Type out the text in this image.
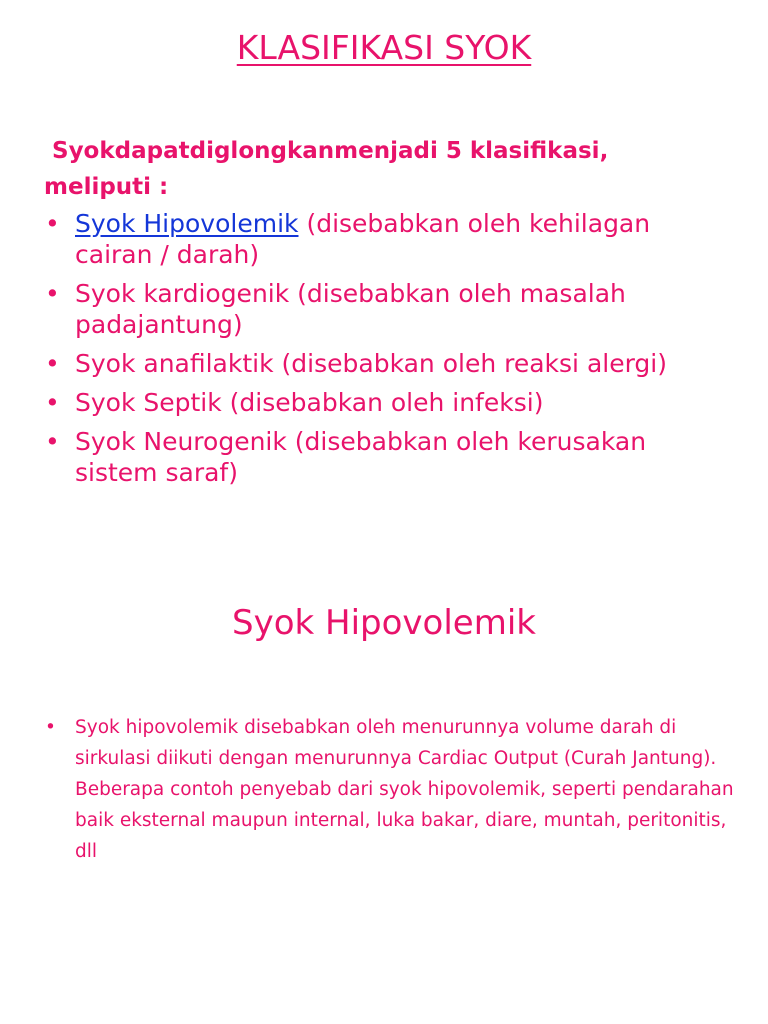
KLASIFIKASI SYOK
Syokdapatdiglongkanmenjadi 5 klasifikasi,
meliputi :
• Syok Hipovolemik (disebabkan oleh kehilagan cairan / darah)
• Syok kardiogenik (disebabkan oleh masalah padajantung)
• Syok anafilaktik (disebabkan oleh reaksi alergi)
• Syok Septik (disebabkan oleh infeksi)
• Syok Neurogenik (disebabkan oleh kerusakan sistem saraf)
Syok Hipovolemik
• Syok hipovolemik disebabkan oleh menurunnya volume darah di sirkulasi diikuti dengan menurunnya Cardiac Output (Curah Jantung). Beberapa contoh penyebab dari syok hipovolemik, seperti pendarahan baik eksternal maupun internal, luka bakar, diare, muntah, peritonitis, dll
